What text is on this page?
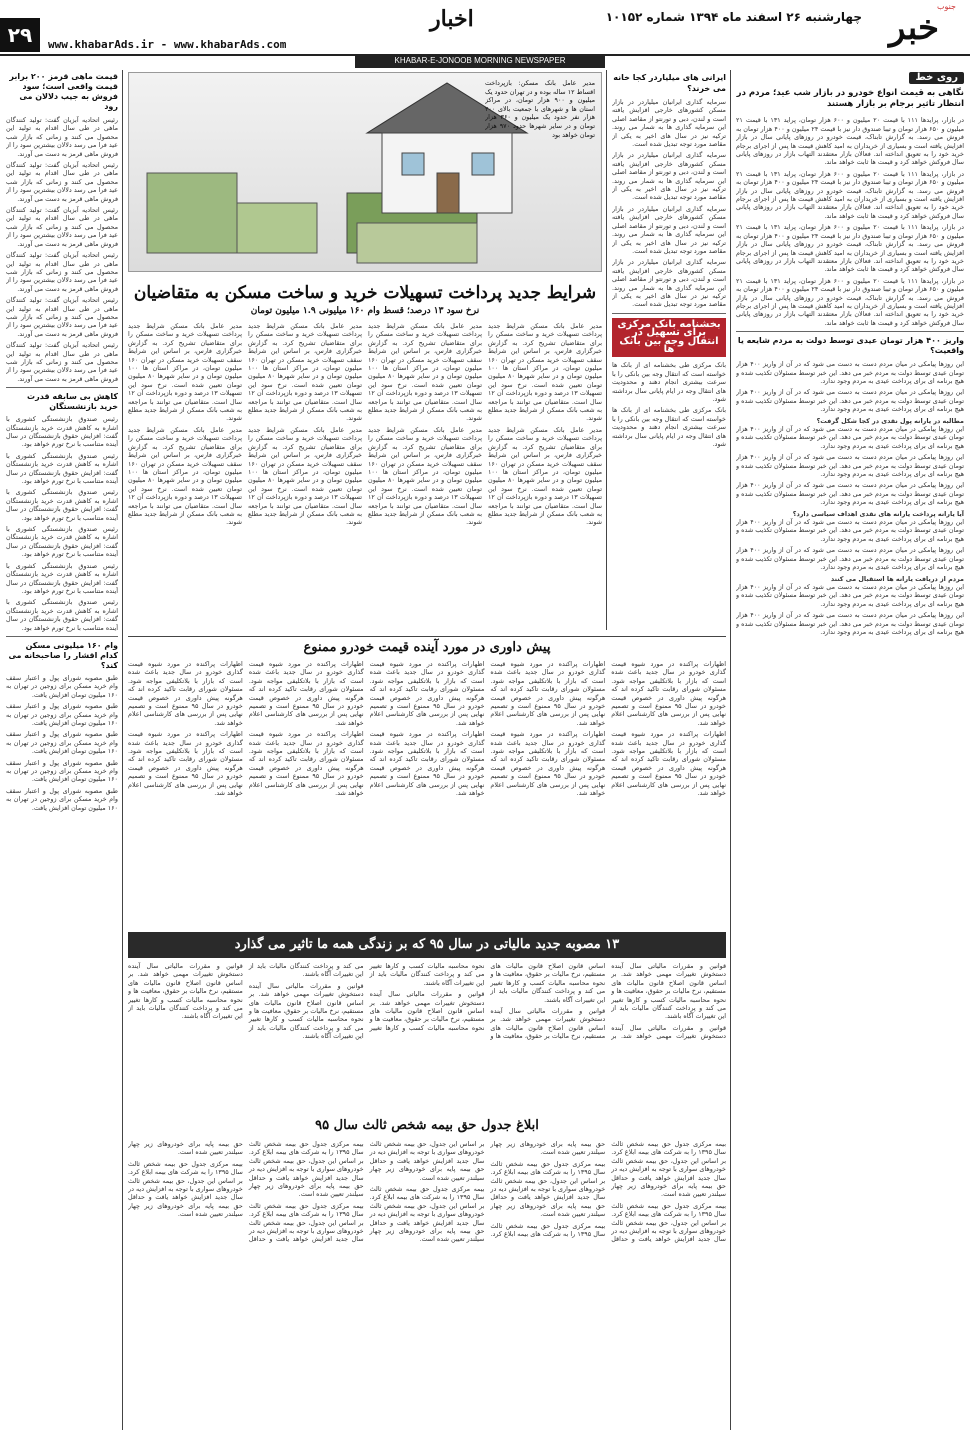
جنوب
خبر
چهارشنبه ۲۶ اسفند ماه ۱۳۹۴ شماره ۱۰۱۵۲
اخبار
www.khabarAds.ir - www.khabarAds.com
۲۹
KHABAR-E-JONOOB MORNING NEWSPAPER
روی خط
نگاهی به قیمت انواع خودرو در بازار شب عید؛ مردم در انتظار تاثیر برجام بر بازار هستند

در بازار، پرایدها ۱۱۱ با قیمت ۲۰ میلیون و ۶۰۰ هزار تومان، پراید ۱۳۱ با قیمت ۲۱ میلیون و ۶۵۰ هزار تومان و تیبا صندوق دار نیز با قیمت ۲۴ میلیون و ۴۰۰ هزار تومان به فروش می رسد. به گزارش تابناک، قیمت خودرو در روزهای پایانی سال در بازار افزایش یافته است و بسیاری از خریداران به امید کاهش قیمت ها پس از اجرای برجام خرید خود را به تعویق انداخته اند. فعالان بازار معتقدند التهاب بازار در روزهای پایانی سال فروکش خواهد کرد و قیمت ها ثابت خواهد ماند.

در بازار، پرایدها ۱۱۱ با قیمت ۲۰ میلیون و ۶۰۰ هزار تومان، پراید ۱۳۱ با قیمت ۲۱ میلیون و ۶۵۰ هزار تومان و تیبا صندوق دار نیز با قیمت ۲۴ میلیون و ۴۰۰ هزار تومان به فروش می رسد. به گزارش تابناک، قیمت خودرو در روزهای پایانی سال در بازار افزایش یافته است و بسیاری از خریداران به امید کاهش قیمت ها پس از اجرای برجام خرید خود را به تعویق انداخته اند. فعالان بازار معتقدند التهاب بازار در روزهای پایانی سال فروکش خواهد کرد و قیمت ها ثابت خواهد ماند.

در بازار، پرایدها ۱۱۱ با قیمت ۲۰ میلیون و ۶۰۰ هزار تومان، پراید ۱۳۱ با قیمت ۲۱ میلیون و ۶۵۰ هزار تومان و تیبا صندوق دار نیز با قیمت ۲۴ میلیون و ۴۰۰ هزار تومان به فروش می رسد. به گزارش تابناک، قیمت خودرو در روزهای پایانی سال در بازار افزایش یافته است و بسیاری از خریداران به امید کاهش قیمت ها پس از اجرای برجام خرید خود را به تعویق انداخته اند. فعالان بازار معتقدند التهاب بازار در روزهای پایانی سال فروکش خواهد کرد و قیمت ها ثابت خواهد ماند.

در بازار، پرایدها ۱۱۱ با قیمت ۲۰ میلیون و ۶۰۰ هزار تومان، پراید ۱۳۱ با قیمت ۲۱ میلیون و ۶۵۰ هزار تومان و تیبا صندوق دار نیز با قیمت ۲۴ میلیون و ۴۰۰ هزار تومان به فروش می رسد. به گزارش تابناک، قیمت خودرو در روزهای پایانی سال در بازار افزایش یافته است و بسیاری از خریداران به امید کاهش قیمت ها پس از اجرای برجام خرید خود را به تعویق انداخته اند. فعالان بازار معتقدند التهاب بازار در روزهای پایانی سال فروکش خواهد کرد و قیمت ها ثابت خواهد ماند.

واریز ۴۰۰ هزار تومان عیدی توسط دولت به مردم شایعه یا واقعیت؟

این روزها پیامکی در میان مردم دست به دست می شود که در آن از واریز ۴۰۰ هزار تومان عیدی توسط دولت به مردم خبر می دهد. این خبر توسط مسئولان تکذیب شده و هیچ برنامه ای برای پرداخت عیدی به مردم وجود ندارد.

این روزها پیامکی در میان مردم دست به دست می شود که در آن از واریز ۴۰۰ هزار تومان عیدی توسط دولت به مردم خبر می دهد. این خبر توسط مسئولان تکذیب شده و هیچ برنامه ای برای پرداخت عیدی به مردم وجود ندارد.

مطالبه در یارانه پول نقدی در کجا شکل گرفت؟

این روزها پیامکی در میان مردم دست به دست می شود که در آن از واریز ۴۰۰ هزار تومان عیدی توسط دولت به مردم خبر می دهد. این خبر توسط مسئولان تکذیب شده و هیچ برنامه ای برای پرداخت عیدی به مردم وجود ندارد.

این روزها پیامکی در میان مردم دست به دست می شود که در آن از واریز ۴۰۰ هزار تومان عیدی توسط دولت به مردم خبر می دهد. این خبر توسط مسئولان تکذیب شده و هیچ برنامه ای برای پرداخت عیدی به مردم وجود ندارد.

این روزها پیامکی در میان مردم دست به دست می شود که در آن از واریز ۴۰۰ هزار تومان عیدی توسط دولت به مردم خبر می دهد. این خبر توسط مسئولان تکذیب شده و هیچ برنامه ای برای پرداخت عیدی به مردم وجود ندارد.

آیا یارانه پرداخت یارانه های نقدی اهداف سیاسی دارد؟

این روزها پیامکی در میان مردم دست به دست می شود که در آن از واریز ۴۰۰ هزار تومان عیدی توسط دولت به مردم خبر می دهد. این خبر توسط مسئولان تکذیب شده و هیچ برنامه ای برای پرداخت عیدی به مردم وجود ندارد.

این روزها پیامکی در میان مردم دست به دست می شود که در آن از واریز ۴۰۰ هزار تومان عیدی توسط دولت به مردم خبر می دهد. این خبر توسط مسئولان تکذیب شده و هیچ برنامه ای برای پرداخت عیدی به مردم وجود ندارد.

مردم از دریافت یارانه ها استقبال می کنند

این روزها پیامکی در میان مردم دست به دست می شود که در آن از واریز ۴۰۰ هزار تومان عیدی توسط دولت به مردم خبر می دهد. این خبر توسط مسئولان تکذیب شده و هیچ برنامه ای برای پرداخت عیدی به مردم وجود ندارد.

این روزها پیامکی در میان مردم دست به دست می شود که در آن از واریز ۴۰۰ هزار تومان عیدی توسط دولت به مردم خبر می دهد. این خبر توسط مسئولان تکذیب شده و هیچ برنامه ای برای پرداخت عیدی به مردم وجود ندارد.

ایرانی های میلیاردر کجا خانه می خرند؟

سرمایه گذاری ایرانیان میلیاردر در بازار مسکن کشورهای خارجی افزایش یافته است و لندن، دبی و تورنتو از مقاصد اصلی این سرمایه گذاری ها به شمار می روند. ترکیه نیز در سال های اخیر به یکی از مقاصد مورد توجه تبدیل شده است.

سرمایه گذاری ایرانیان میلیاردر در بازار مسکن کشورهای خارجی افزایش یافته است و لندن، دبی و تورنتو از مقاصد اصلی این سرمایه گذاری ها به شمار می روند. ترکیه نیز در سال های اخیر به یکی از مقاصد مورد توجه تبدیل شده است.

سرمایه گذاری ایرانیان میلیاردر در بازار مسکن کشورهای خارجی افزایش یافته است و لندن، دبی و تورنتو از مقاصد اصلی این سرمایه گذاری ها به شمار می روند. ترکیه نیز در سال های اخیر به یکی از مقاصد مورد توجه تبدیل شده است.

سرمایه گذاری ایرانیان میلیاردر در بازار مسکن کشورهای خارجی افزایش یافته است و لندن، دبی و تورنتو از مقاصد اصلی این سرمایه گذاری ها به شمار می روند. ترکیه نیز در سال های اخیر به یکی از مقاصد مورد توجه تبدیل شده است.

بخشنامه بانک مرکزی برای تسهیل در انتقال وجه بین بانک ها

بانک مرکزی طی بخشنامه ای از بانک ها خواسته است که انتقال وجه بین بانکی را با سرعت بیشتری انجام دهند و محدودیت های انتقال وجه در ایام پایانی سال برداشته شود.

بانک مرکزی طی بخشنامه ای از بانک ها خواسته است که انتقال وجه بین بانکی را با سرعت بیشتری انجام دهند و محدودیت های انتقال وجه در ایام پایانی سال برداشته شود.

مدیر عامل بانک مسکن: بازپرداخت اقساط ۱۲ ساله بوده و در تهران حدود یک میلیون و ۹۰۰ هزار تومان، در مراکز استان ها و شهرهای با جمعیت بالای ۲۰۰ هزار نفر حدود یک میلیون و ۳۶۰ هزار تومان و در سایر شهرها حدود ۹۷۰ هزار تومان خواهد بود
شرایط جدید پرداخت تسهیلات خرید و ساخت مسکن به متقاضیان
نرخ سود ۱۳ درصد؛ قسط وام ۱۶۰ میلیونی ۱.۹ میلیون تومان

مدیر عامل بانک مسکن شرایط جدید پرداخت تسهیلات خرید و ساخت مسکن را برای متقاضیان تشریح کرد. به گزارش خبرگزاری فارس، بر اساس این شرایط سقف تسهیلات خرید مسکن در تهران ۱۶۰ میلیون تومان، در مراکز استان ها ۱۰۰ میلیون تومان و در سایر شهرها ۸۰ میلیون تومان تعیین شده است. نرخ سود این تسهیلات ۱۳ درصد و دوره بازپرداخت آن ۱۲ سال است. متقاضیان می توانند با مراجعه به شعب بانک مسکن از شرایط جدید مطلع شوند.

مدیر عامل بانک مسکن شرایط جدید پرداخت تسهیلات خرید و ساخت مسکن را برای متقاضیان تشریح کرد. به گزارش خبرگزاری فارس، بر اساس این شرایط سقف تسهیلات خرید مسکن در تهران ۱۶۰ میلیون تومان، در مراکز استان ها ۱۰۰ میلیون تومان و در سایر شهرها ۸۰ میلیون تومان تعیین شده است. نرخ سود این تسهیلات ۱۳ درصد و دوره بازپرداخت آن ۱۲ سال است. متقاضیان می توانند با مراجعه به شعب بانک مسکن از شرایط جدید مطلع شوند.

مدیر عامل بانک مسکن شرایط جدید پرداخت تسهیلات خرید و ساخت مسکن را برای متقاضیان تشریح کرد. به گزارش خبرگزاری فارس، بر اساس این شرایط سقف تسهیلات خرید مسکن در تهران ۱۶۰ میلیون تومان، در مراکز استان ها ۱۰۰ میلیون تومان و در سایر شهرها ۸۰ میلیون تومان تعیین شده است. نرخ سود این تسهیلات ۱۳ درصد و دوره بازپرداخت آن ۱۲ سال است. متقاضیان می توانند با مراجعه به شعب بانک مسکن از شرایط جدید مطلع شوند.

مدیر عامل بانک مسکن شرایط جدید پرداخت تسهیلات خرید و ساخت مسکن را برای متقاضیان تشریح کرد. به گزارش خبرگزاری فارس، بر اساس این شرایط سقف تسهیلات خرید مسکن در تهران ۱۶۰ میلیون تومان، در مراکز استان ها ۱۰۰ میلیون تومان و در سایر شهرها ۸۰ میلیون تومان تعیین شده است. نرخ سود این تسهیلات ۱۳ درصد و دوره بازپرداخت آن ۱۲ سال است. متقاضیان می توانند با مراجعه به شعب بانک مسکن از شرایط جدید مطلع شوند.

مدیر عامل بانک مسکن شرایط جدید پرداخت تسهیلات خرید و ساخت مسکن را برای متقاضیان تشریح کرد. به گزارش خبرگزاری فارس، بر اساس این شرایط سقف تسهیلات خرید مسکن در تهران ۱۶۰ میلیون تومان، در مراکز استان ها ۱۰۰ میلیون تومان و در سایر شهرها ۸۰ میلیون تومان تعیین شده است. نرخ سود این تسهیلات ۱۳ درصد و دوره بازپرداخت آن ۱۲ سال است. متقاضیان می توانند با مراجعه به شعب بانک مسکن از شرایط جدید مطلع شوند.

مدیر عامل بانک مسکن شرایط جدید پرداخت تسهیلات خرید و ساخت مسکن را برای متقاضیان تشریح کرد. به گزارش خبرگزاری فارس، بر اساس این شرایط سقف تسهیلات خرید مسکن در تهران ۱۶۰ میلیون تومان، در مراکز استان ها ۱۰۰ میلیون تومان و در سایر شهرها ۸۰ میلیون تومان تعیین شده است. نرخ سود این تسهیلات ۱۳ درصد و دوره بازپرداخت آن ۱۲ سال است. متقاضیان می توانند با مراجعه به شعب بانک مسکن از شرایط جدید مطلع شوند.

مدیر عامل بانک مسکن شرایط جدید پرداخت تسهیلات خرید و ساخت مسکن را برای متقاضیان تشریح کرد. به گزارش خبرگزاری فارس، بر اساس این شرایط سقف تسهیلات خرید مسکن در تهران ۱۶۰ میلیون تومان، در مراکز استان ها ۱۰۰ میلیون تومان و در سایر شهرها ۸۰ میلیون تومان تعیین شده است. نرخ سود این تسهیلات ۱۳ درصد و دوره بازپرداخت آن ۱۲ سال است. متقاضیان می توانند با مراجعه به شعب بانک مسکن از شرایط جدید مطلع شوند.

مدیر عامل بانک مسکن شرایط جدید پرداخت تسهیلات خرید و ساخت مسکن را برای متقاضیان تشریح کرد. به گزارش خبرگزاری فارس، بر اساس این شرایط سقف تسهیلات خرید مسکن در تهران ۱۶۰ میلیون تومان، در مراکز استان ها ۱۰۰ میلیون تومان و در سایر شهرها ۸۰ میلیون تومان تعیین شده است. نرخ سود این تسهیلات ۱۳ درصد و دوره بازپرداخت آن ۱۲ سال است. متقاضیان می توانند با مراجعه به شعب بانک مسکن از شرایط جدید مطلع شوند.

پیش داوری در مورد آینده قیمت خودرو ممنوع

اظهارات پراکنده در مورد شیوه قیمت گذاری خودرو در سال جدید باعث شده است که بازار با بلاتکلیفی مواجه شود. مسئولان شورای رقابت تاکید کرده اند که هرگونه پیش داوری در خصوص قیمت خودرو در سال ۹۵ ممنوع است و تصمیم نهایی پس از بررسی های کارشناسی اعلام خواهد شد.

اظهارات پراکنده در مورد شیوه قیمت گذاری خودرو در سال جدید باعث شده است که بازار با بلاتکلیفی مواجه شود. مسئولان شورای رقابت تاکید کرده اند که هرگونه پیش داوری در خصوص قیمت خودرو در سال ۹۵ ممنوع است و تصمیم نهایی پس از بررسی های کارشناسی اعلام خواهد شد.

اظهارات پراکنده در مورد شیوه قیمت گذاری خودرو در سال جدید باعث شده است که بازار با بلاتکلیفی مواجه شود. مسئولان شورای رقابت تاکید کرده اند که هرگونه پیش داوری در خصوص قیمت خودرو در سال ۹۵ ممنوع است و تصمیم نهایی پس از بررسی های کارشناسی اعلام خواهد شد.

اظهارات پراکنده در مورد شیوه قیمت گذاری خودرو در سال جدید باعث شده است که بازار با بلاتکلیفی مواجه شود. مسئولان شورای رقابت تاکید کرده اند که هرگونه پیش داوری در خصوص قیمت خودرو در سال ۹۵ ممنوع است و تصمیم نهایی پس از بررسی های کارشناسی اعلام خواهد شد.

اظهارات پراکنده در مورد شیوه قیمت گذاری خودرو در سال جدید باعث شده است که بازار با بلاتکلیفی مواجه شود. مسئولان شورای رقابت تاکید کرده اند که هرگونه پیش داوری در خصوص قیمت خودرو در سال ۹۵ ممنوع است و تصمیم نهایی پس از بررسی های کارشناسی اعلام خواهد شد.

اظهارات پراکنده در مورد شیوه قیمت گذاری خودرو در سال جدید باعث شده است که بازار با بلاتکلیفی مواجه شود. مسئولان شورای رقابت تاکید کرده اند که هرگونه پیش داوری در خصوص قیمت خودرو در سال ۹۵ ممنوع است و تصمیم نهایی پس از بررسی های کارشناسی اعلام خواهد شد.

اظهارات پراکنده در مورد شیوه قیمت گذاری خودرو در سال جدید باعث شده است که بازار با بلاتکلیفی مواجه شود. مسئولان شورای رقابت تاکید کرده اند که هرگونه پیش داوری در خصوص قیمت خودرو در سال ۹۵ ممنوع است و تصمیم نهایی پس از بررسی های کارشناسی اعلام خواهد شد.

اظهارات پراکنده در مورد شیوه قیمت گذاری خودرو در سال جدید باعث شده است که بازار با بلاتکلیفی مواجه شود. مسئولان شورای رقابت تاکید کرده اند که هرگونه پیش داوری در خصوص قیمت خودرو در سال ۹۵ ممنوع است و تصمیم نهایی پس از بررسی های کارشناسی اعلام خواهد شد.

اظهارات پراکنده در مورد شیوه قیمت گذاری خودرو در سال جدید باعث شده است که بازار با بلاتکلیفی مواجه شود. مسئولان شورای رقابت تاکید کرده اند که هرگونه پیش داوری در خصوص قیمت خودرو در سال ۹۵ ممنوع است و تصمیم نهایی پس از بررسی های کارشناسی اعلام خواهد شد.

اظهارات پراکنده در مورد شیوه قیمت گذاری خودرو در سال جدید باعث شده است که بازار با بلاتکلیفی مواجه شود. مسئولان شورای رقابت تاکید کرده اند که هرگونه پیش داوری در خصوص قیمت خودرو در سال ۹۵ ممنوع است و تصمیم نهایی پس از بررسی های کارشناسی اعلام خواهد شد.

۱۳ مصوبه جدید مالیاتی در سال ۹۵ که بر زندگی همه ما تاثیر می گذارد

قوانین و مقررات مالیاتی سال آینده دستخوش تغییرات مهمی خواهد شد. بر اساس قانون اصلاح قانون مالیات های مستقیم، نرخ مالیات بر حقوق، معافیت ها و نحوه محاسبه مالیات کسب و کارها تغییر می کند و پرداخت کنندگان مالیات باید از این تغییرات آگاه باشند.

قوانین و مقررات مالیاتی سال آینده دستخوش تغییرات مهمی خواهد شد. بر اساس قانون اصلاح قانون مالیات های مستقیم، نرخ مالیات بر حقوق، معافیت ها و نحوه محاسبه مالیات کسب و کارها تغییر می کند و پرداخت کنندگان مالیات باید از این تغییرات آگاه باشند.

قوانین و مقررات مالیاتی سال آینده دستخوش تغییرات مهمی خواهد شد. بر اساس قانون اصلاح قانون مالیات های مستقیم، نرخ مالیات بر حقوق، معافیت ها و نحوه محاسبه مالیات کسب و کارها تغییر می کند و پرداخت کنندگان مالیات باید از این تغییرات آگاه باشند.

قوانین و مقررات مالیاتی سال آینده دستخوش تغییرات مهمی خواهد شد. بر اساس قانون اصلاح قانون مالیات های مستقیم، نرخ مالیات بر حقوق، معافیت ها و نحوه محاسبه مالیات کسب و کارها تغییر می کند و پرداخت کنندگان مالیات باید از این تغییرات آگاه باشند.

قوانین و مقررات مالیاتی سال آینده دستخوش تغییرات مهمی خواهد شد. بر اساس قانون اصلاح قانون مالیات های مستقیم، نرخ مالیات بر حقوق، معافیت ها و نحوه محاسبه مالیات کسب و کارها تغییر می کند و پرداخت کنندگان مالیات باید از این تغییرات آگاه باشند.

قوانین و مقررات مالیاتی سال آینده دستخوش تغییرات مهمی خواهد شد. بر اساس قانون اصلاح قانون مالیات های مستقیم، نرخ مالیات بر حقوق، معافیت ها و نحوه محاسبه مالیات کسب و کارها تغییر می کند و پرداخت کنندگان مالیات باید از این تغییرات آگاه باشند.

ابلاغ جدول حق بیمه شخص ثالث سال ۹۵

بیمه مرکزی جدول حق بیمه شخص ثالث سال ۱۳۹۵ را به شرکت های بیمه ابلاغ کرد. بر اساس این جدول، حق بیمه شخص ثالث خودروهای سواری با توجه به افزایش دیه در سال جدید افزایش خواهد یافت و حداقل حق بیمه پایه برای خودروهای زیر چهار سیلندر تعیین شده است.

بیمه مرکزی جدول حق بیمه شخص ثالث سال ۱۳۹۵ را به شرکت های بیمه ابلاغ کرد. بر اساس این جدول، حق بیمه شخص ثالث خودروهای سواری با توجه به افزایش دیه در سال جدید افزایش خواهد یافت و حداقل حق بیمه پایه برای خودروهای زیر چهار سیلندر تعیین شده است.

بیمه مرکزی جدول حق بیمه شخص ثالث سال ۱۳۹۵ را به شرکت های بیمه ابلاغ کرد. بر اساس این جدول، حق بیمه شخص ثالث خودروهای سواری با توجه به افزایش دیه در سال جدید افزایش خواهد یافت و حداقل حق بیمه پایه برای خودروهای زیر چهار سیلندر تعیین شده است.

بیمه مرکزی جدول حق بیمه شخص ثالث سال ۱۳۹۵ را به شرکت های بیمه ابلاغ کرد. بر اساس این جدول، حق بیمه شخص ثالث خودروهای سواری با توجه به افزایش دیه در سال جدید افزایش خواهد یافت و حداقل حق بیمه پایه برای خودروهای زیر چهار سیلندر تعیین شده است.

بیمه مرکزی جدول حق بیمه شخص ثالث سال ۱۳۹۵ را به شرکت های بیمه ابلاغ کرد. بر اساس این جدول، حق بیمه شخص ثالث خودروهای سواری با توجه به افزایش دیه در سال جدید افزایش خواهد یافت و حداقل حق بیمه پایه برای خودروهای زیر چهار سیلندر تعیین شده است.

بیمه مرکزی جدول حق بیمه شخص ثالث سال ۱۳۹۵ را به شرکت های بیمه ابلاغ کرد. بر اساس این جدول، حق بیمه شخص ثالث خودروهای سواری با توجه به افزایش دیه در سال جدید افزایش خواهد یافت و حداقل حق بیمه پایه برای خودروهای زیر چهار سیلندر تعیین شده است.

بیمه مرکزی جدول حق بیمه شخص ثالث سال ۱۳۹۵ را به شرکت های بیمه ابلاغ کرد. بر اساس این جدول، حق بیمه شخص ثالث خودروهای سواری با توجه به افزایش دیه در سال جدید افزایش خواهد یافت و حداقل حق بیمه پایه برای خودروهای زیر چهار سیلندر تعیین شده است.

بیمه مرکزی جدول حق بیمه شخص ثالث سال ۱۳۹۵ را به شرکت های بیمه ابلاغ کرد. بر اساس این جدول، حق بیمه شخص ثالث خودروهای سواری با توجه به افزایش دیه در سال جدید افزایش خواهد یافت و حداقل حق بیمه پایه برای خودروهای زیر چهار سیلندر تعیین شده است.

قیمت ماهی قرمز ۲۰۰ برابر قیمت واقعی است؛ سود فروش به جیب دلالان می رود

رئیس اتحادیه آبزیان گفت: تولید کنندگان ماهی در طی سال اقدام به تولید این محصول می کنند و زمانی که بازار شب عید فرا می رسد دلالان بیشترین سود را از فروش ماهی قرمز به دست می آورند.

رئیس اتحادیه آبزیان گفت: تولید کنندگان ماهی در طی سال اقدام به تولید این محصول می کنند و زمانی که بازار شب عید فرا می رسد دلالان بیشترین سود را از فروش ماهی قرمز به دست می آورند.

رئیس اتحادیه آبزیان گفت: تولید کنندگان ماهی در طی سال اقدام به تولید این محصول می کنند و زمانی که بازار شب عید فرا می رسد دلالان بیشترین سود را از فروش ماهی قرمز به دست می آورند.

رئیس اتحادیه آبزیان گفت: تولید کنندگان ماهی در طی سال اقدام به تولید این محصول می کنند و زمانی که بازار شب عید فرا می رسد دلالان بیشترین سود را از فروش ماهی قرمز به دست می آورند.

رئیس اتحادیه آبزیان گفت: تولید کنندگان ماهی در طی سال اقدام به تولید این محصول می کنند و زمانی که بازار شب عید فرا می رسد دلالان بیشترین سود را از فروش ماهی قرمز به دست می آورند.

رئیس اتحادیه آبزیان گفت: تولید کنندگان ماهی در طی سال اقدام به تولید این محصول می کنند و زمانی که بازار شب عید فرا می رسد دلالان بیشترین سود را از فروش ماهی قرمز به دست می آورند.

کاهش بی سابقه قدرت خرید بازنشستگان

رئیس صندوق بازنشستگی کشوری با اشاره به کاهش قدرت خرید بازنشستگان گفت: افزایش حقوق بازنشستگان در سال آینده متناسب با نرخ تورم خواهد بود.

رئیس صندوق بازنشستگی کشوری با اشاره به کاهش قدرت خرید بازنشستگان گفت: افزایش حقوق بازنشستگان در سال آینده متناسب با نرخ تورم خواهد بود.

رئیس صندوق بازنشستگی کشوری با اشاره به کاهش قدرت خرید بازنشستگان گفت: افزایش حقوق بازنشستگان در سال آینده متناسب با نرخ تورم خواهد بود.

رئیس صندوق بازنشستگی کشوری با اشاره به کاهش قدرت خرید بازنشستگان گفت: افزایش حقوق بازنشستگان در سال آینده متناسب با نرخ تورم خواهد بود.

رئیس صندوق بازنشستگی کشوری با اشاره به کاهش قدرت خرید بازنشستگان گفت: افزایش حقوق بازنشستگان در سال آینده متناسب با نرخ تورم خواهد بود.

رئیس صندوق بازنشستگی کشوری با اشاره به کاهش قدرت خرید بازنشستگان گفت: افزایش حقوق بازنشستگان در سال آینده متناسب با نرخ تورم خواهد بود.

وام ۱۶۰ میلیونی مسکن کدام اقشار را صاحبخانه می کند؟

طبق مصوبه شورای پول و اعتبار سقف وام خرید مسکن برای زوجین در تهران به ۱۶۰ میلیون تومان افزایش یافت.

طبق مصوبه شورای پول و اعتبار سقف وام خرید مسکن برای زوجین در تهران به ۱۶۰ میلیون تومان افزایش یافت.

طبق مصوبه شورای پول و اعتبار سقف وام خرید مسکن برای زوجین در تهران به ۱۶۰ میلیون تومان افزایش یافت.

طبق مصوبه شورای پول و اعتبار سقف وام خرید مسکن برای زوجین در تهران به ۱۶۰ میلیون تومان افزایش یافت.

طبق مصوبه شورای پول و اعتبار سقف وام خرید مسکن برای زوجین در تهران به ۱۶۰ میلیون تومان افزایش یافت.
